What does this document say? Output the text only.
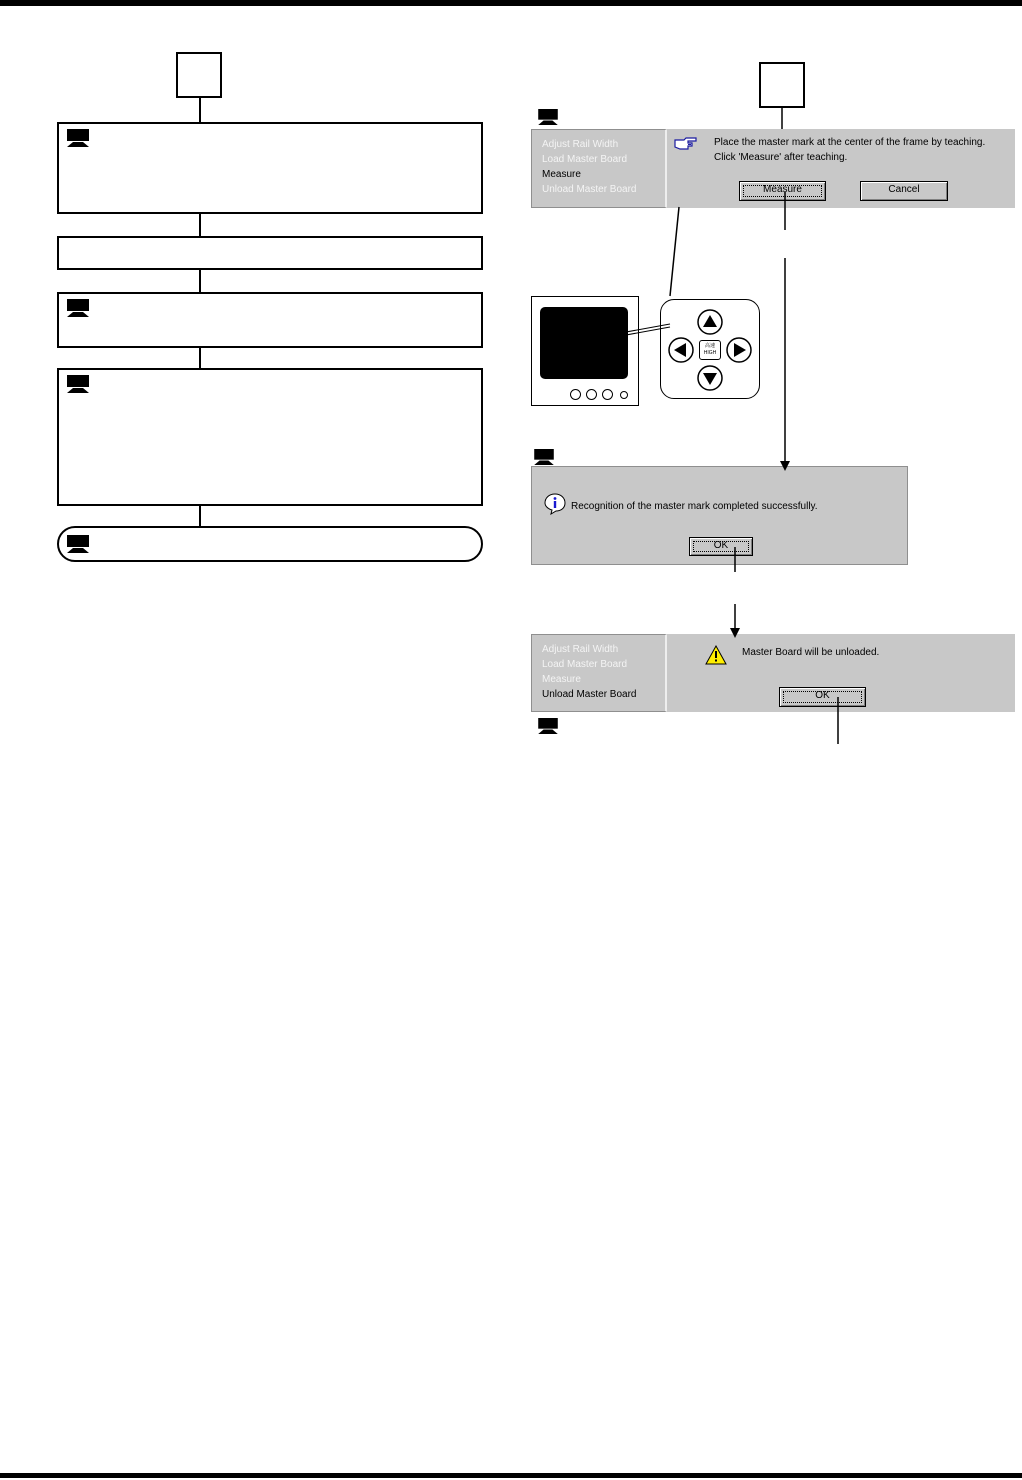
Adjust Rail Width
Load Master Board
Measure
Unload Master Board
Place the master mark at the center of the frame by teaching.
Click 'Measure' after teaching.
Measure	Cancel
高速
HIGH
Recognition of the master mark completed successfully.
OK
Adjust Rail Width
Load Master Board
Measure
Unload Master Board
Master Board will be unloaded.
OK
